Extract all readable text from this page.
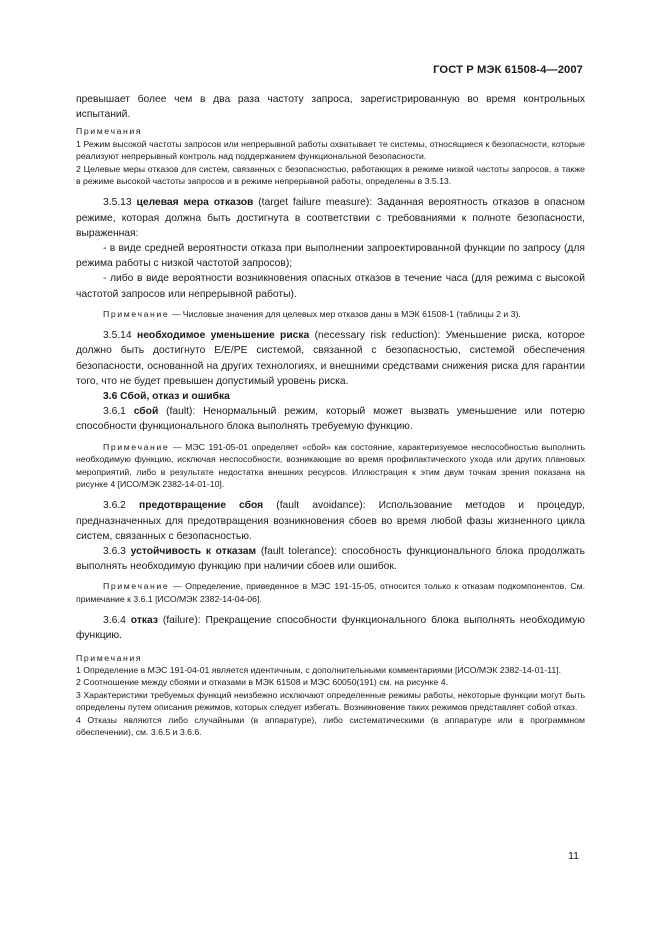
ГОСТ Р МЭК 61508-4—2007

превышает более чем в два раза частоту запроса, зарегистрированную во время контрольных испытаний.

Примечания

1 Режим высокой частоты запросов или непрерывной работы охватывает те системы, относящиеся к безопасности, которые реализуют непрерывный контроль над поддержанием функциональной безопасности.

2 Целевые меры отказов для систем, связанных с безопасностью, работающих в режиме низкой частоты запросов, а также в режиме высокой частоты запросов и в режиме непрерывной работы, определены в 3.5.13.

3.5.13 целевая мера отказов (target failure measure): Заданная вероятность отказов в опасном режиме, которая должна быть достигнута в соответствии с требованиями к полноте безопасности, выраженная:

- в виде средней вероятности отказа при выполнении запроектированной функции по запросу (для режима работы с низкой частотой запросов);

- либо в виде вероятности возникновения опасных отказов в течение часа (для режима с высокой частотой запросов или непрерывной работы).

Примечание — Числовые значения для целевых мер отказов даны в МЭК 61508-1 (таблицы 2 и 3).

3.5.14 необходимое уменьшение риска (necessary risk reduction): Уменьшение риска, которое должно быть достигнуто E/E/PE системой, связанной с безопасностью, системой обеспечения безопасности, основанной на других технологиях, и внешними средствами снижения риска для гарантии того, что не будет превышен допустимый уровень риска.

3.6 Сбой, отказ и ошибка

3.6.1 сбой (fault): Ненормальный режим, который может вызвать уменьшение или потерю способности функционального блока выполнять требуемую функцию.

Примечание — МЭС 191-05-01 определяет «сбой» как состояние, характеризуемое неспособностью выполнить необходимую функцию, исключая неспособности, возникающие во время профилактического ухода или других плановых мероприятий, либо в результате недостатка внешних ресурсов. Иллюстрация к этим двум точкам зрения показана на рисунке 4 [ИСО/МЭК 2382-14-01-10].

3.6.2 предотвращение сбоя (fault avoidance): Использование методов и процедур, предназначенных для предотвращения возникновения сбоев во время любой фазы жизненного цикла систем, связанных с безопасностью.

3.6.3 устойчивость к отказам (fault tolerance): способность функционального блока продолжать выполнять необходимую функцию при наличии сбоев или ошибок.

Примечание — Определение, приведенное в МЭС 191-15-05, относится только к отказам подкомпонентов. См. примечание к 3.6.1 [ИСО/МЭК 2382-14-04-06].

3.6.4 отказ (failure): Прекращение способности функционального блока выполнять необходимую функцию.

Примечания

1 Определение в МЭС 191-04-01 является идентичным, с дополнительными комментариями [ИСО/МЭК 2382-14-01-11].

2 Соотношение между сбоями и отказами в МЭК 61508 и МЭС 60050(191) см. на рисунке 4.

3 Характеристики требуемых функций неизбежно исключают определенные режимы работы, некоторые функции могут быть определены путем описания режимов, которых следует избегать. Возникновение таких режимов представляет собой отказ.

4 Отказы являются либо случайными (в аппаратуре), либо систематическими (в аппаратуре или в программном обеспечении), см. 3.6.5 и 3.6.6.

11
